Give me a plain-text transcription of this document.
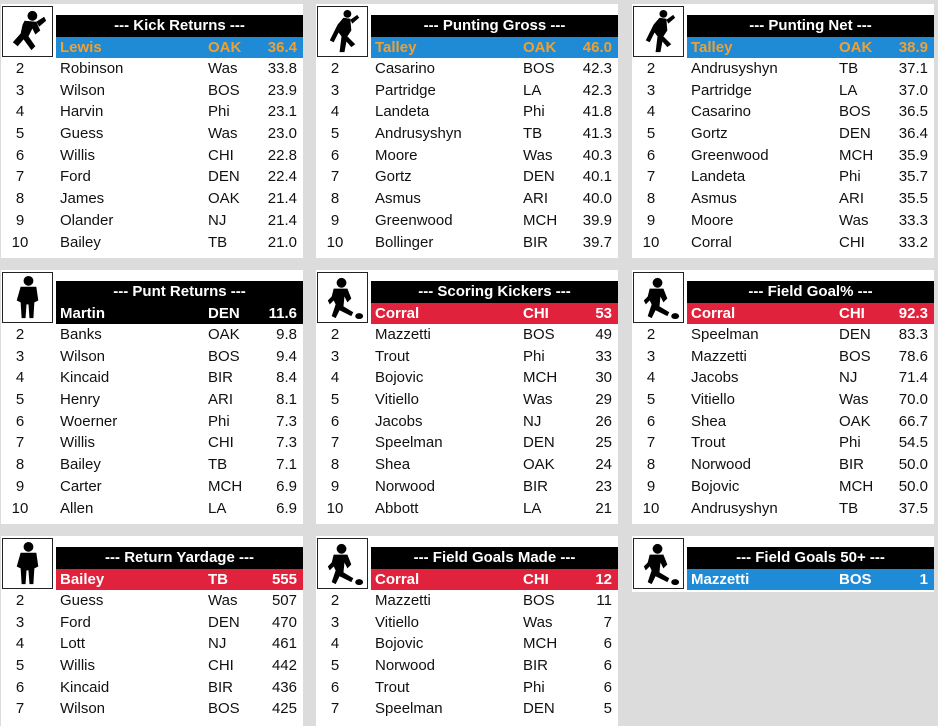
--- Kick Returns ---
Lewis	OAK 36.4
2	Robinson	Was 33.8
3	Wilson	BOS 23.9
4	Harvin	Phi	23.1
5	Guess	Was 23.0
6	Willis	CHI 22.8
7	Ford	DEN 22.4
8	James	OAK 21.4
9	Olander	NJ	21.4
10	Bailey	TB	21.0
--- Punting Gross ---
Talley	OAK 46.0
2	Casarino	BOS 42.3
3	Partridge	LA	42.3
4	Landeta	Phi	41.8
5	Andrusyshyn	TB	41.3
6	Moore	Was 40.3
7	Gortz	DEN 40.1
8	Asmus	ARI 40.0
9	Greenwood	MCH 39.9
10	Bollinger	BIR 39.7
--- Punting Net ---
Talley	OAK 38.9
2	Andrusyshyn	TB	37.1
3	Partridge	LA	37.0
4	Casarino	BOS 36.5
5	Gortz	DEN 36.4
6	Greenwood	MCH 35.9
7	Landeta	Phi	35.7
8	Asmus	ARI 35.5
9	Moore	Was 33.3
10	Corral	CHI 33.2
--- Punt Returns ---
Martin	DEN 11.6
2	Banks	OAK 9.8
3	Wilson	BOS 9.4
4	Kincaid	BIR	8.4
5	Henry	ARI	8.1
6	Woerner	Phi	7.3
7	Willis	CHI	7.3
8	Bailey	TB	7.1
9	Carter	MCH 6.9
10	Allen	LA	6.9
--- Scoring Kickers ---
Corral	CHI	53
2	Mazzetti	BOS	49
3	Trout	Phi	33
4	Bojovic	MCH	30
5	Vitiello	Was	29
6	Jacobs	NJ	26
7	Speelman	DEN	25
8	Shea	OAK	24
9	Norwood	BIR	23
10	Abbott	LA	21
--- Field Goal% ---
Corral	CHI 92.3
2	Speelman	DEN 83.3
3	Mazzetti	BOS 78.6
4	Jacobs	NJ	71.4
5	Vitiello	Was 70.0
6	Shea	OAK 66.7
7	Trout	Phi	54.5
8	Norwood	BIR 50.0
9	Bojovic	MCH 50.0
10	Andrusyshyn	TB	37.5
--- Return Yardage ---
Bailey	TB	555
2	Guess	Was 507
3	Ford	DEN 470
4	Lott	NJ	461
5	Willis	CHI	442
6	Kincaid	BIR	436
7	Wilson	BOS 425
--- Field Goals Made ---
Corral	CHI	12
2	Mazzetti	BOS	11
3	Vitiello	Was	7
4	Bojovic	MCH	6
5	Norwood	BIR	6
6	Trout	Phi	6
7	Speelman	DEN	5
--- Field Goals 50+ ---
Mazzetti	BOS	1
